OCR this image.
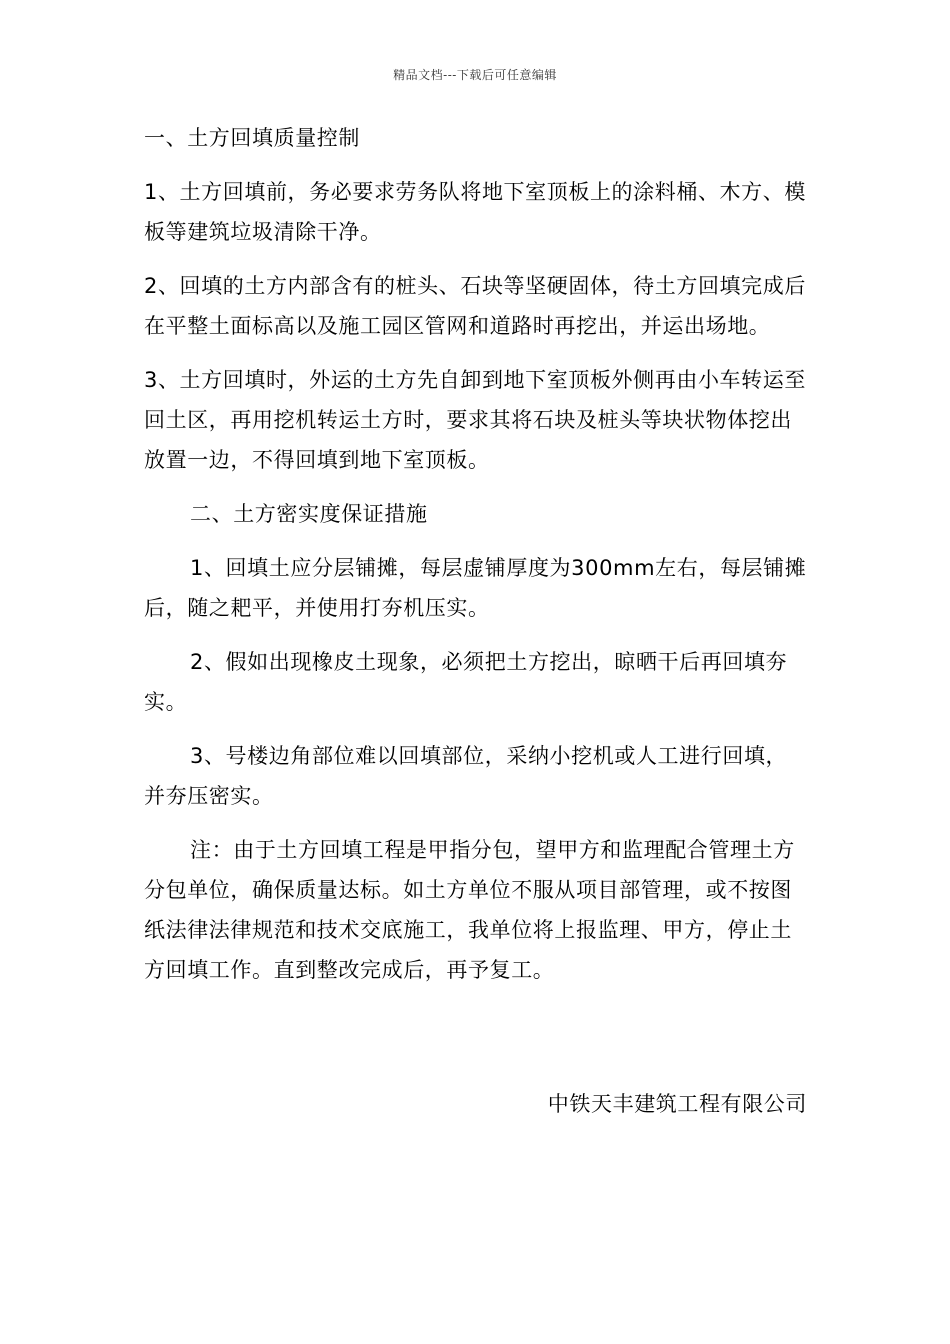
精品文档---下载后可任意编辑
一、土方回填质量控制

1、土方回填前，务必要求劳务队将地下室顶板上的涂料桶、木方、模板等建筑垃圾清除干净。

2、回填的土方内部含有的桩头、石块等坚硬固体，待土方回填完成后在平整土面标高以及施工园区管网和道路时再挖出，并运出场地。

3、土方回填时，外运的土方先自卸到地下室顶板外侧再由小车转运至回土区，再用挖机转运土方时，要求其将石块及桩头等块状物体挖出放置一边，不得回填到地下室顶板。

二、土方密实度保证措施

1、回填土应分层铺摊，每层虚铺厚度为300mm左右，每层铺摊后，随之耙平，并使用打夯机压实。

2、假如出现橡皮土现象，必须把土方挖出，晾晒干后再回填夯实。

3、号楼边角部位难以回填部位，采纳小挖机或人工进行回填，并夯压密实。

注：由于土方回填工程是甲指分包，望甲方和监理配合管理土方分包单位，确保质量达标。如土方单位不服从项目部管理，或不按图纸法律法律规范和技术交底施工，我单位将上报监理、甲方，停止土方回填工作。直到整改完成后，再予复工。

中铁天丰建筑工程有限公司
